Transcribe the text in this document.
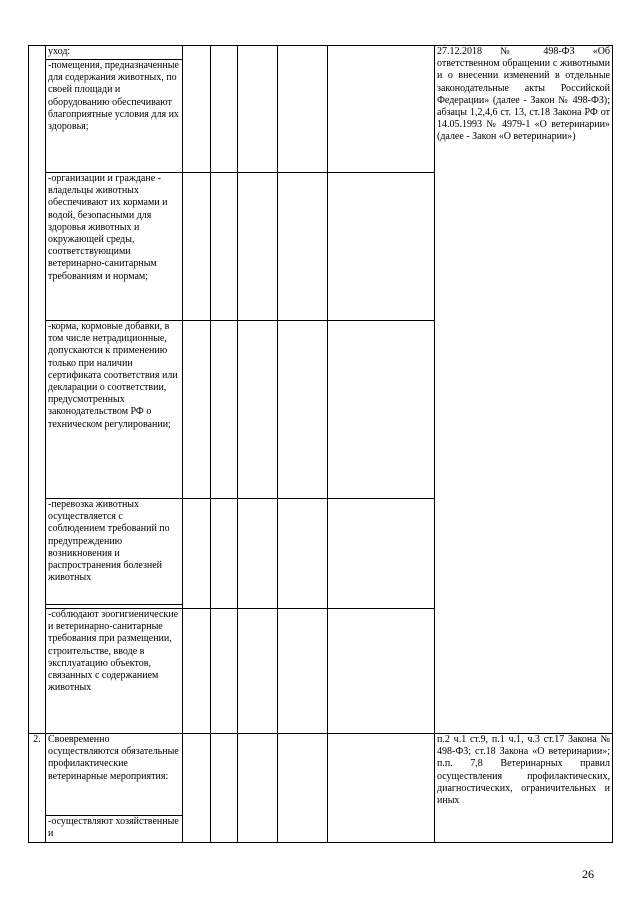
	уход:						27.12.2018 № 498-ФЗ «Об ответственном обращении с животными и о внесении изменений в отдельные законодательные акты Российской Федерации» (далее - Закон № 498-ФЗ); абзацы 1,2,4,6 ст. 13, ст.18 Закона РФ от 14.05.1993 № 4979-1 «О ветеринарии» (далее - Закон «О ветеринарии»)
	-помещения, предназначенные для содержания животных, по своей площади и оборудованию обеспечивают благоприятные условия для их здоровья;						
	-организации и граждане - владельцы животных обеспечивают их кормами и водой, безопасными для здоровья животных и окружающей среды, соответствующими ветеринарно-санитарным требованиям и нормам;						
	-корма, кормовые добавки, в том числе нетрадиционные, допускаются к применению только при наличии сертификата соответствия или декларации о соответствии, предусмотренных законодательством РФ о техническом регулировании;						
	-перевозка животных осуществляется с соблюдением требований по предупреждению возникновения и распространения болезней животных						

	-соблюдают зоогигиенические и ветеринарно-санитарные требования при размещении, строительстве, вводе в эксплуатацию объектов, связанных с содержанием животных						
2.	Своевременно осуществляются обязательные профилактические ветеринарные мероприятия:						п.2 ч.1 ст.9, п.1 ч.1, ч.3 ст.17 Закона № 498-ФЗ; ст.18 Закона «О ветеринарии»; п.п. 7,8 Ветеринарных правил осуществления профилактических, диагностических, ограничительных и иных
	-осуществляют хозяйственные и						
26
